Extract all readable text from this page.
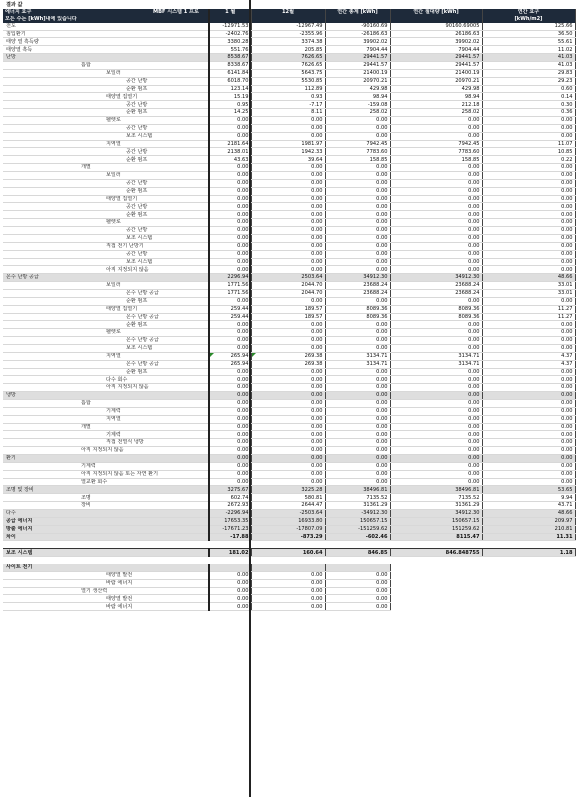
결과 값
에너지 요구	MBF 시스템 1 프로	1 월	12월	연간 총계 [kWh]	연간 절대량 [kWh]	연간 요구
모든 수는 [kWh]내에 있습니다						[kWh/m2]
전도		-12971.53	-12967.49	-90160.69	90160.69005	125.66
침입환기		-2402.76	-2355.96	-26186.63	26186.63	36.50
태양 열 흑득량		3380.28	3374.38	39902.02	39902.02	55.61
태양열 흑득		551.76	205.85	7904.44	7904.44	11.02
난방		8538.67	7626.65	29441.57	29441.57	41.03
흡합		8338.67	7626.65	29441.57	29441.57	41.03
보일러		6141.84	5643.75	21400.19	21400.19	29.83
공간 난방		6018.70	5530.85	20970.21	20970.21	29.23
순환 펌프		123.14	112.89	429.98	429.98	0.60
태양열 집열기		15.19	0.93	98.94	98.94	0.14
공간 난방		0.95	-7.17	-159.08	212.18	0.30
순환 펌프		14.25	8.11	258.02	258.02	0.36
펠렛로		0.00	0.00	0.00	0.00	0.00
공간 난방		0.00	0.00	0.00	0.00	0.00
보조 시스템		0.00	0.00	0.00	0.00	0.00
지역열		2181.64	1981.97	7942.45	7942.45	11.07
공간 난방		2138.01	1942.33	7783.60	7783.60	10.85
순환 펌프		43.63	39.64	158.85	158.85	0.22
개별		0.00	0.00	0.00	0.00	0.00
보일러		0.00	0.00	0.00	0.00	0.00
공간 난방		0.00	0.00	0.00	0.00	0.00
순환 펌프		0.00	0.00	0.00	0.00	0.00
태양열 집열기		0.00	0.00	0.00	0.00	0.00
공간 난방		0.00	0.00	0.00	0.00	0.00
순환 펌프		0.00	0.00	0.00	0.00	0.00
펠렛로		0.00	0.00	0.00	0.00	0.00
공간 난방		0.00	0.00	0.00	0.00	0.00
보조 시스템		0.00	0.00	0.00	0.00	0.00
직접 전기 난방기		0.00	0.00	0.00	0.00	0.00
공간 난방		0.00	0.00	0.00	0.00	0.00
보조 시스템		0.00	0.00	0.00	0.00	0.00
아직 지정되지 않음		0.00	0.00	0.00	0.00	0.00
온수 난방 공급		2296.94	2503.64	34912.30	34912.30	48.66
보일러		1771.56	2044.70	23688.24	23688.24	33.01
온수 난방 공급		1771.56	2044.70	23688.24	23688.24	33.01
순환 펌프		0.00	0.00	0.00	0.00	0.00
태양열 집열기		259.44	189.57	8089.36	8089.36	11.27
온수 난방 공급		259.44	189.57	8089.36	8089.36	11.27
순환 펌프		0.00	0.00	0.00	0.00	0.00
펠렛로		0.00	0.00	0.00	0.00	0.00
온수 난방 공급		0.00	0.00	0.00	0.00	0.00
보조 시스템		0.00	0.00	0.00	0.00	0.00
지역열		265.94	269.38	3134.71	3134.71	4.37
온수 난방 공급		265.94	269.38	3134.71	3134.71	4.37
순환 펌프		0.00	0.00	0.00	0.00	0.00
다수 회수		0.00	0.00	0.00	0.00	0.00
아직 지정되지 않음		0.00	0.00	0.00	0.00	0.00
냉방		0.00	0.00	0.00	0.00	0.00
흡합		0.00	0.00	0.00	0.00	0.00
기계력		0.00	0.00	0.00	0.00	0.00
지역열		0.00	0.00	0.00	0.00	0.00
개별		0.00	0.00	0.00	0.00	0.00
기계력		0.00	0.00	0.00	0.00	0.00
직접 전열식 냉방		0.00	0.00	0.00	0.00	0.00
아직 지정되지 않음		0.00	0.00	0.00	0.00	0.00
환기		0.00	0.00	0.00	0.00	0.00
기계력		0.00	0.00	0.00	0.00	0.00
아직 지정되지 않음 또는 자연 환기		0.00	0.00	0.00	0.00	0.00
열교환 회수		0.00	0.00	0.00	0.00	0.00
조명 및 장비		3275.67	3225.28	38496.81	38496.81	53.65
조명		602.74	580.81	7135.52	7135.52	9.94
장비		2672.93	2644.47	31361.29	31361.29	43.71
다수		-2296.94	-2503.64	-34912.30	34912.30	48.66
공급 에너지		17653.35	16933.80	150657.15	150657.15	209.97
방출 에너지		-17671.23	-17807.09	-151259.62	151259.62	210.81
차이		-17.88	-873.29	-602.46	8115.47	11.31

보조 시스템		181.02	160.64	846.85	846.848755	1.18

사이트 전기						
태양열 발전		0.00	0.00	0.00		
바람 에너지		0.00	0.00	0.00		
열기 생산력		0.00	0.00	0.00		
태양열 발전		0.00	0.00	0.00		
바람 에너지		0.00	0.00	0.00		
